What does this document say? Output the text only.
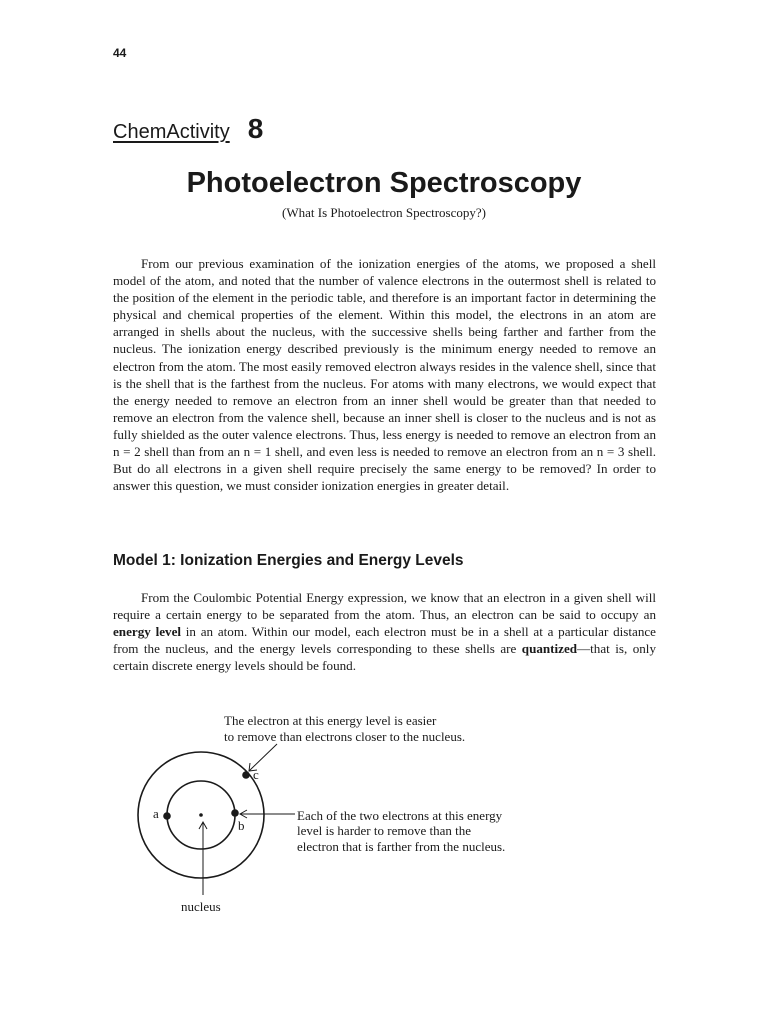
44
ChemActivity 8
Photoelectron Spectroscopy
(What Is Photoelectron Spectroscopy?)

From our previous examination of the ionization energies of the atoms, we proposed a shell model of the atom, and noted that the number of valence electrons in the outermost shell is related to the position of the element in the periodic table, and therefore is an important factor in determining the physical and chemical properties of the element. Within this model, the electrons in an atom are arranged in shells about the nucleus, with the successive shells being farther and farther from the nucleus. The ionization energy described previously is the minimum energy needed to remove an electron from the atom. The most easily removed electron always resides in the valence shell, since that is the shell that is the farthest from the nucleus. For atoms with many electrons, we would expect that the energy needed to remove an electron from an inner shell would be greater than that needed to remove an electron from the valence shell, because an inner shell is closer to the nucleus and is not as fully shielded as the outer valence electrons. Thus, less energy is needed to remove an electron from an n = 2 shell than from an n = 1 shell, and even less is needed to remove an electron from an n = 3 shell. But do all electrons in a given shell require precisely the same energy to be removed? In order to answer this question, we must consider ionization energies in greater detail.

Model 1: Ionization Energies and Energy Levels

From the Coulombic Potential Energy expression, we know that an electron in a given shell will require a certain energy to be separated from the atom. Thus, an electron can be said to occupy an energy level in an atom. Within our model, each electron must be in a shell at a particular distance from the nucleus, and the energy levels corresponding to these shells are quantized—that is, only certain discrete energy levels should be found.

The electron at this energy level is easier
to remove than electrons closer to the nucleus.
Each of the two electrons at this energy
level is harder to remove than the
electron that is farther from the nucleus.
a
b
c
nucleus
